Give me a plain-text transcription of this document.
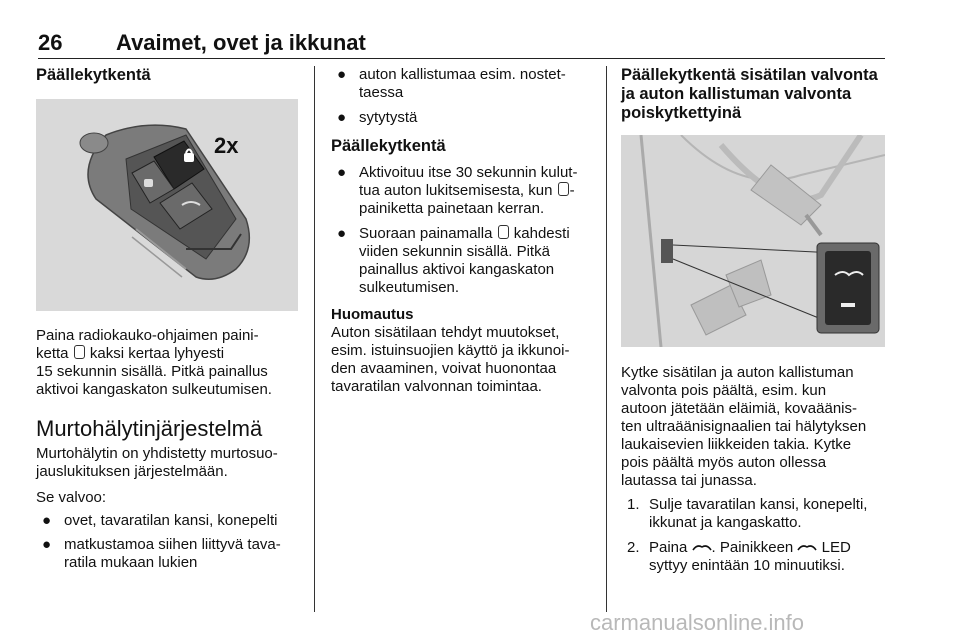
26 Avaimet, ovet ja ikkunat

Päällekytkentä

2x

Paina radiokauko-ohjaimen paini-

ketta kaksi kertaa lyhyesti

15 sekunnin sisällä. Pitkä painallus

aktivoi kangaskaton sulkeutumisen.

Murtohälytinjärjestelmä

Murtohälytin on yhdistetty murtosuo-

jauslukituksen järjestelmään.

Se valvoo:

● ovet, tavaratilan kansi, konepelti

● matkustamoa siihen liittyvä tava-
ratila mukaan lukien
● auton kallistumaa esim. nostet-
taessa
● sytytystä

Päällekytkentä

● Aktivoituu itse 30 sekunnin kulut-
tua auton lukitsemisesta, kun -
painiketta painetaan kerran.
● Suoraan painamalla kahdesti
viiden sekunnin sisällä. Pitkä
painallus aktivoi kangaskaton
sulkeutumisen.

Huomautus

Auton sisätilaan tehdyt muutokset,

esim. istuinsuojien käyttö ja ikkunoi-

den avaaminen, voivat huonontaa

tavaratilan valvonnan toimintaa.

Päällekytkentä sisätilan valvonta

ja auton kallistuman valvonta

poiskytkettyinä

Kytke sisätilan ja auton kallistuman

valvonta pois päältä, esim. kun

autoon jätetään eläimiä, kovaäänis-

ten ultraäänisignaalien tai hälytyksen

laukaisevien liikkeiden takia. Kytke

pois päältä myös auton ollessa

lautassa tai junassa.

1. Sulje tavaratilan kansi, konepelti,
ikkunat ja kangaskatto.
2. Paina . Painikkeen LED
syttyy enintään 10 minuutiksi.
carmanualsonline.info
